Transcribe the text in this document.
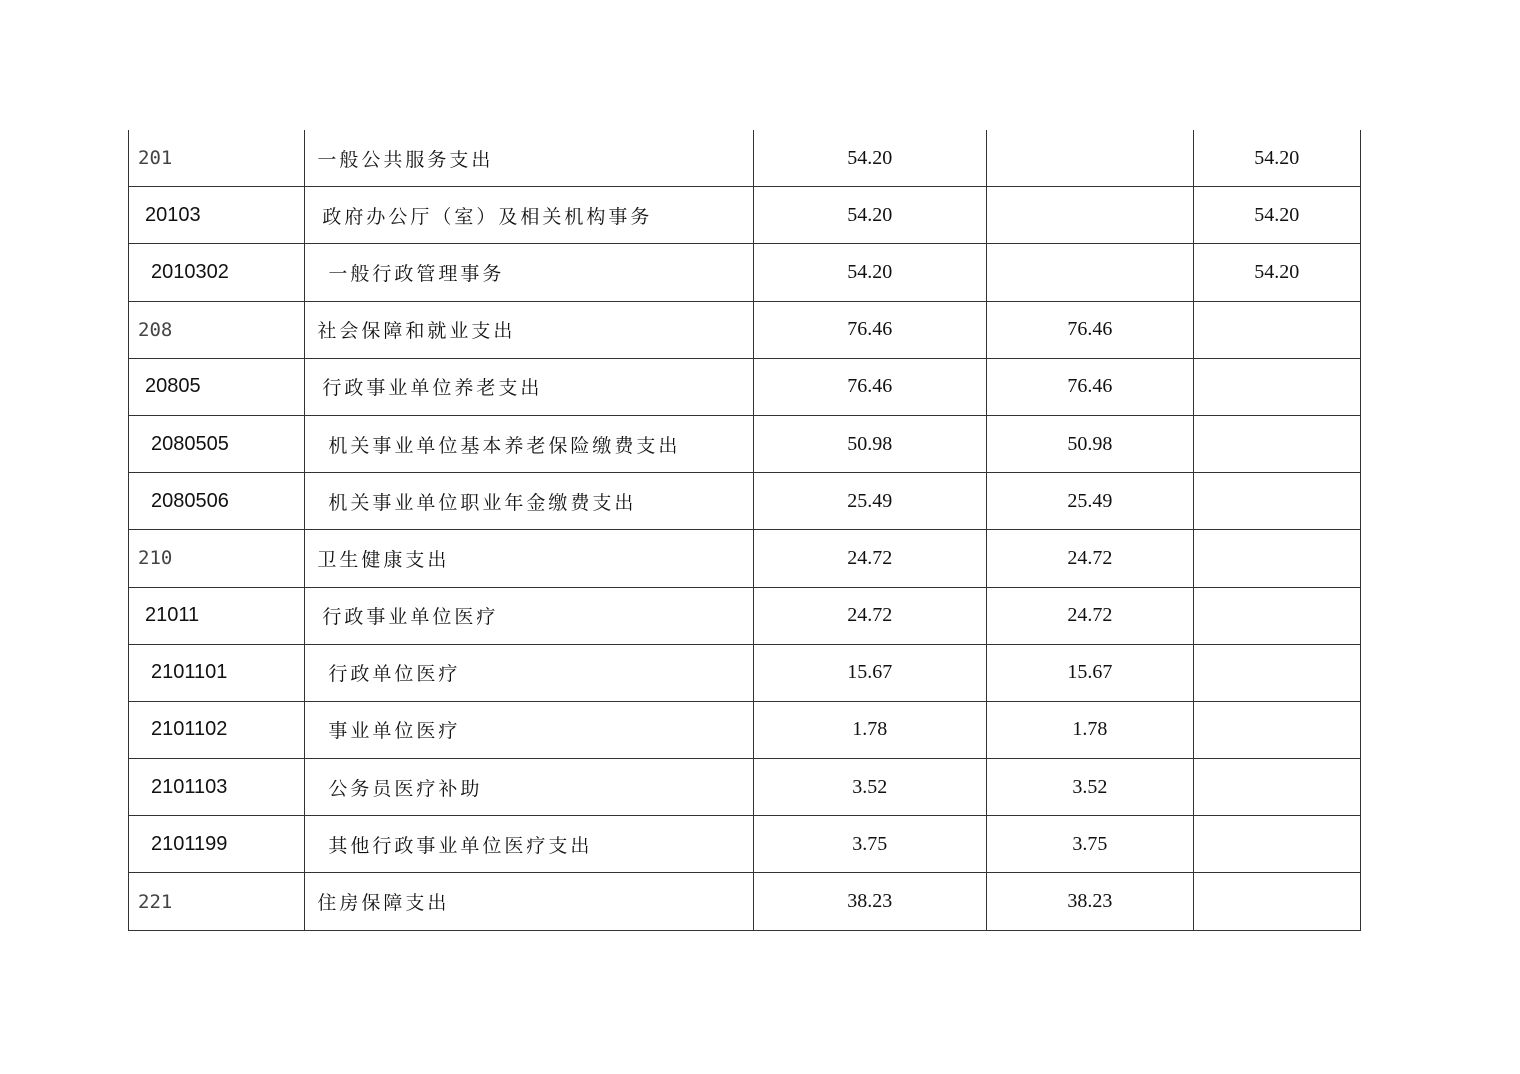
201	一般公共服务支出	54.20		54.20
20103	政府办公厅（室）及相关机构事务	54.20		54.20
2010302	一般行政管理事务	54.20		54.20
208	社会保障和就业支出	76.46	76.46	
20805	行政事业单位养老支出	76.46	76.46	
2080505	机关事业单位基本养老保险缴费支出	50.98	50.98	
2080506	机关事业单位职业年金缴费支出	25.49	25.49	
210	卫生健康支出	24.72	24.72	
21011	行政事业单位医疗	24.72	24.72	
2101101	行政单位医疗	15.67	15.67	
2101102	事业单位医疗	1.78	1.78	
2101103	公务员医疗补助	3.52	3.52	
2101199	其他行政事业单位医疗支出	3.75	3.75	
221	住房保障支出	38.23	38.23	
